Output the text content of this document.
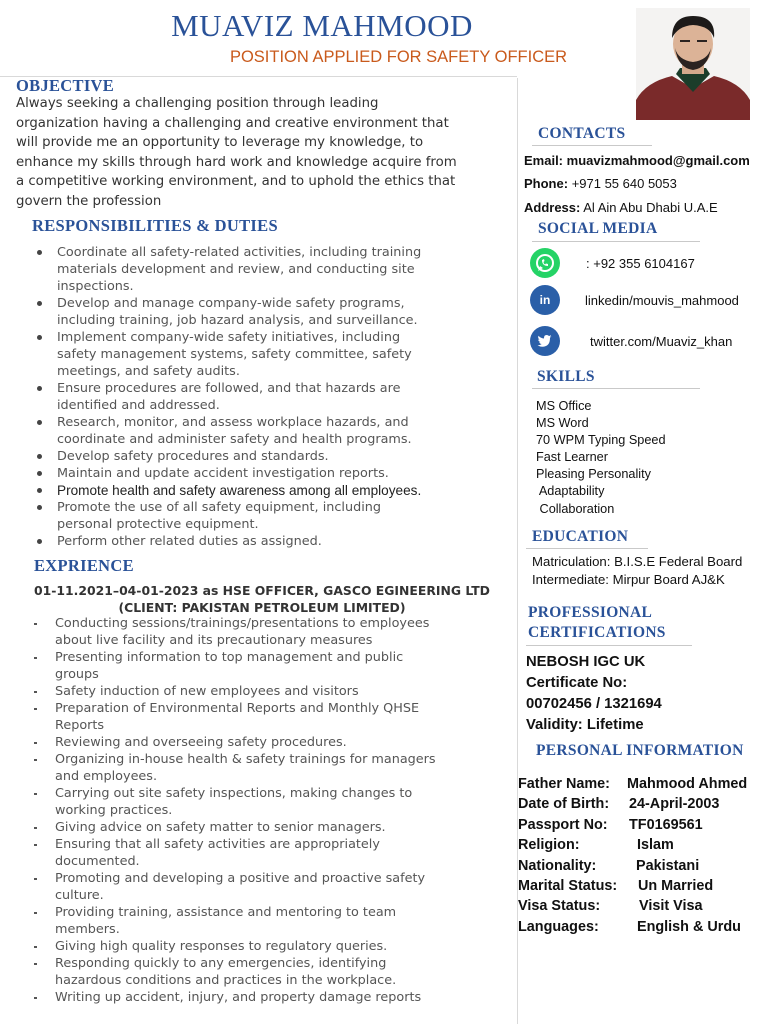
MUAVIZ MAHMOOD
POSITION APPLIED FOR SAFETY OFFICER
OBJECTIVE
Always seeking a challenging position through leading
organization having a challenging and creative environment that
will provide me an opportunity to leverage my knowledge, to
enhance my skills through hard work and knowledge acquire from
a competitive working environment, and to uphold the ethics that
govern the profession
RESPONSIBILITIES & DUTIES
Coordinate all safety-related activities, including training
materials development and review, and conducting site
inspections.
Develop and manage company-wide safety programs,
including training, job hazard analysis, and surveillance.
Implement company-wide safety initiatives, including
safety management systems, safety committee, safety
meetings, and safety audits.
Ensure procedures are followed, and that hazards are
identified and addressed.
Research, monitor, and assess workplace hazards, and
coordinate and administer safety and health programs.
Develop safety procedures and standards.
Maintain and update accident investigation reports.
Promote health and safety awareness among all employees.
Promote the use of all safety equipment, including
personal protective equipment.
Perform other related duties as assigned.
EXPRIENCE
01-11.2021–04-01-2023 as HSE OFFICER, GASCO EGINEERING LTD
(CLIENT: PAKISTAN PETROLEUM LIMITED)
Conducting sessions/trainings/presentations to employees
about live facility and its precautionary measures
Presenting information to top management and public
groups
Safety induction of new employees and visitors
Preparation of Environmental Reports and Monthly QHSE
Reports
Reviewing and overseeing safety procedures.
Organizing in-house health & safety trainings for managers
and employees.
Carrying out site safety inspections, making changes to
working practices.
Giving advice on safety matter to senior managers.
Ensuring that all safety activities are appropriately
documented.
Promoting and developing a positive and proactive safety
culture.
Providing training, assistance and mentoring to team
members.
Giving high quality responses to regulatory queries.
Responding quickly to any emergencies, identifying
hazardous conditions and practices in the workplace.
Writing up accident, injury, and property damage reports
CONTACTS
Email: muavizmahmood@gmail.com
Phone: +971 55 640 5053
Address: Al Ain Abu Dhabi U.A.E
SOCIAL MEDIA
: +92 355 6104167
in	linkedin/mouvis_mahmood
twitter.com/Muaviz_khan
SKILLS
MS Office
MS Word
70 WPM Typing Speed
Fast Learner
Pleasing Personality
Adaptability
Collaboration
EDUCATION
Matriculation: B.I.S.E Federal Board
Intermediate: Mirpur Board AJ&K
PROFESSIONAL
CERTIFICATIONS
NEBOSH IGC UK
Certificate No:
00702456 / 1321694
Validity: Lifetime
PERSONAL INFORMATION
Father Name: Mahmood Ahmed
Date of Birth: 24-April-2003
Passport No: TF0169561
Religion:	Islam
Nationality:	Pakistani
Marital Status: Un Married
Visa Status:	Visit Visa
Languages:	English & Urdu
